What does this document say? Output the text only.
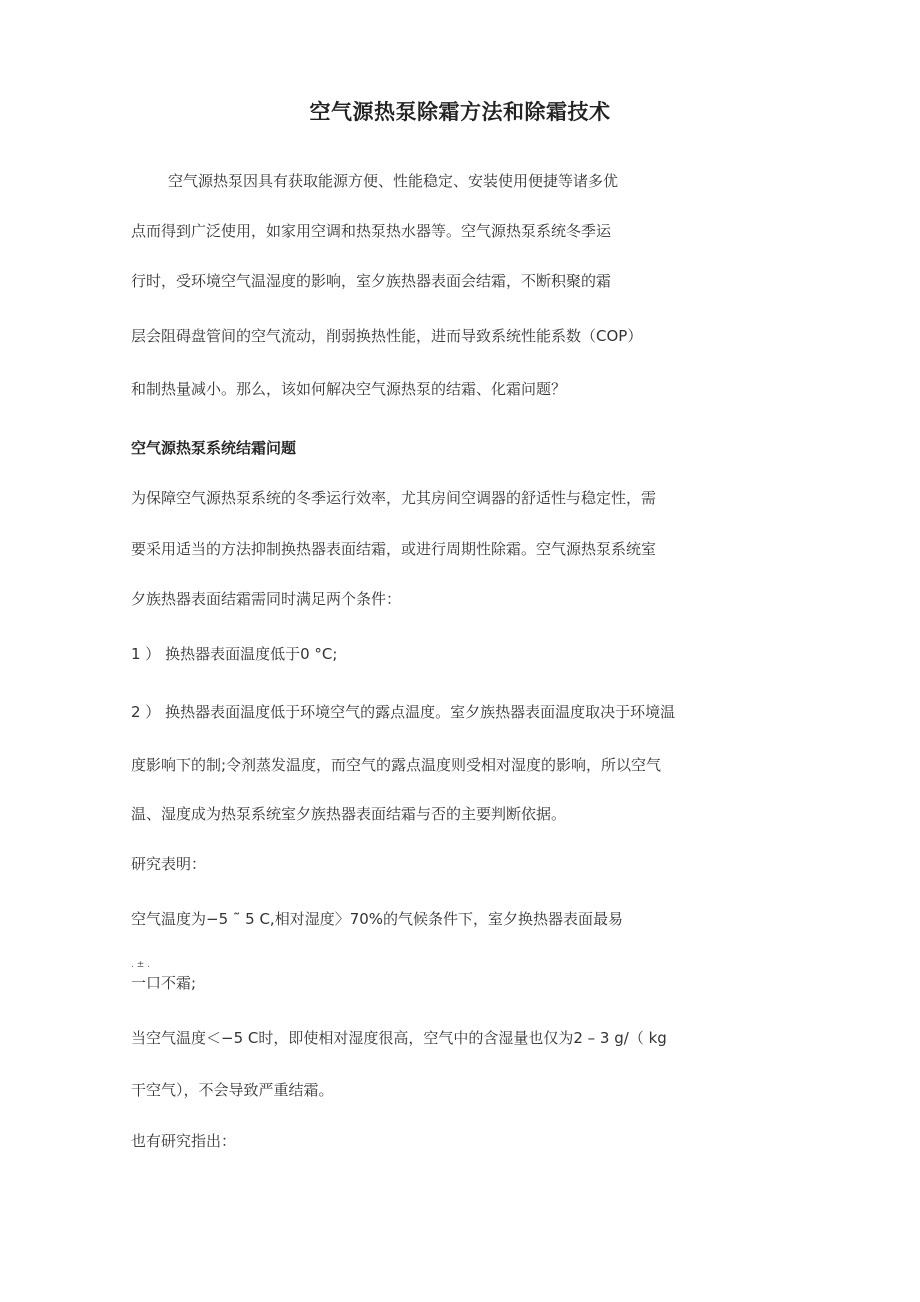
空气源热泵除霜方法和除霜技术
空气源热泵因具有获取能源方便、性能稳定、安装使用便捷等诸多优
点而得到广泛使用，如家用空调和热泵热水器等。空气源热泵系统冬季运
行时，受环境空气温湿度的影响，室夕族热器表面会结霜，不断积聚的霜
层会阻碍盘管间的空气流动，削弱换热性能，进而导致系统性能系数（COP）
和制热量减小。那么，该如何解决空气源热泵的结霜、化霜问题？
空气源热泵系统结霜问题
为保障空气源热泵系统的冬季运行效率，尤其房间空调器的舒适性与稳定性，需
要采用适当的方法抑制换热器表面结霜，或进行周期性除霜。空气源热泵系统室
夕族热器表面结霜需同时满足两个条件：
1 ） 换热器表面温度低于0 °C;
2 ） 换热器表面温度低于环境空气的露点温度。室夕族热器表面温度取决于环境温
度影响下的制;令剂蒸发温度，而空气的露点温度则受相对湿度的影响，所以空气
温、湿度成为热泵系统室夕族热器表面结霜与否的主要判断依据。
研究表明：
空气温度为−5 ˜ 5 C,相对湿度〉70%的气候条件下，室夕换热器表面最易
. ± .
一口不霜;
当空气温度＜−5 C时，即使相对湿度很高，空气中的含湿量也仅为2 – 3 g/（ kg
干空气），不会导致严重结霜。
也有研究指出：
